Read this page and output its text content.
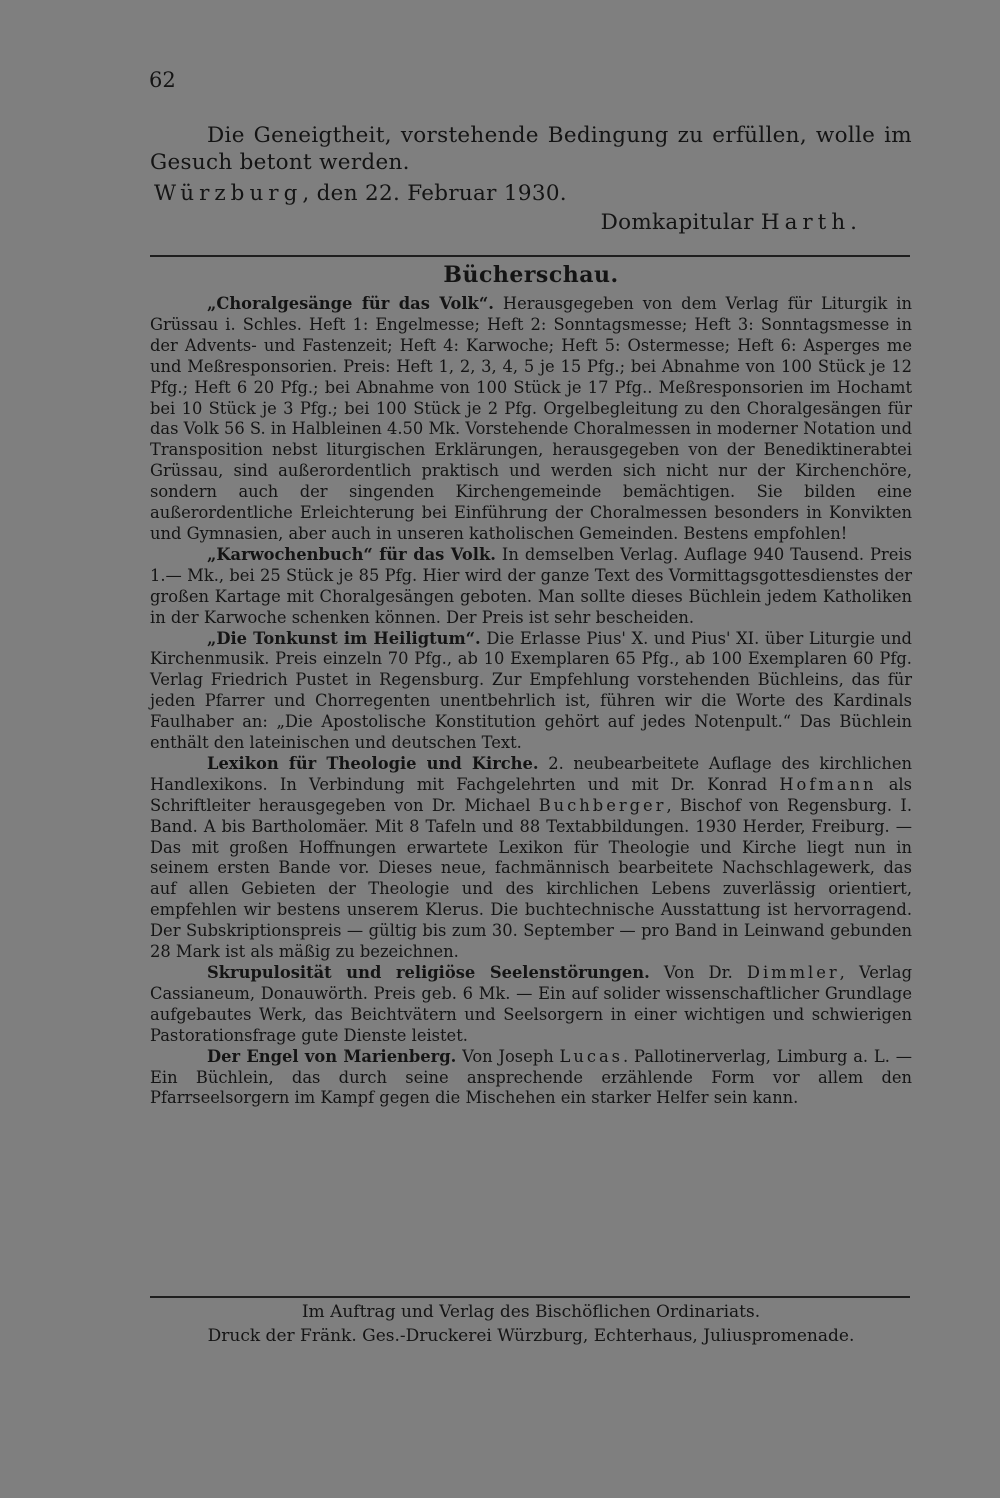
62

Die Geneigtheit, vorstehende Bedingung zu erfüllen, wolle im Gesuch betont werden.

Würzburg, den 22. Februar 1930.
Domkapitular Harth.
Bücherschau.

„Choralgesänge für das Volk“. Herausgegeben von dem Verlag für Liturgik in Grüssau i. Schles. Heft 1: Engelmesse; Heft 2: Sonntagsmesse; Heft 3: Sonntagsmesse in der Advents- und Fastenzeit; Heft 4: Karwoche; Heft 5: Ostermesse; Heft 6: Asperges me und Meßresponsorien. Preis: Heft 1, 2, 3, 4, 5 je 15 Pfg.; bei Abnahme von 100 Stück je 12 Pfg.; Heft 6 20 Pfg.; bei Abnahme von 100 Stück je 17 Pfg.. Meßresponsorien im Hochamt bei 10 Stück je 3 Pfg.; bei 100 Stück je 2 Pfg. Orgelbegleitung zu den Choralgesängen für das Volk 56 S. in Halbleinen 4.50 Mk. Vorstehende Choralmessen in moderner Notation und Transposition nebst liturgischen Erklärungen, herausgegeben von der Benediktinerabtei Grüssau, sind außerordentlich praktisch und werden sich nicht nur der Kirchenchöre, sondern auch der singenden Kirchengemeinde bemächtigen. Sie bilden eine außerordentliche Erleichterung bei Einführung der Choralmessen besonders in Konvikten und Gymnasien, aber auch in unseren katholischen Gemeinden. Bestens empfohlen!

„Karwochenbuch“ für das Volk. In demselben Verlag. Auflage 940 Tausend. Preis 1.— Mk., bei 25 Stück je 85 Pfg. Hier wird der ganze Text des Vormittagsgottesdienstes der großen Kartage mit Choralgesängen geboten. Man sollte dieses Büchlein jedem Katholiken in der Karwoche schenken können. Der Preis ist sehr bescheiden.

„Die Tonkunst im Heiligtum“. Die Erlasse Pius' X. und Pius' XI. über Liturgie und Kirchenmusik. Preis einzeln 70 Pfg., ab 10 Exemplaren 65 Pfg., ab 100 Exemplaren 60 Pfg. Verlag Friedrich Pustet in Regensburg. Zur Empfehlung vorstehenden Büchleins, das für jeden Pfarrer und Chorregenten unentbehrlich ist, führen wir die Worte des Kardinals Faulhaber an: „Die Apostolische Konstitution gehört auf jedes Notenpult.“ Das Büchlein enthält den lateinischen und deutschen Text.

Lexikon für Theologie und Kirche. 2. neubearbeitete Auflage des kirchlichen Handlexikons. In Verbindung mit Fachgelehrten und mit Dr. Konrad Hofmann als Schriftleiter herausgegeben von Dr. Michael Buchberger, Bischof von Regensburg. I. Band. A bis Bartholomäer. Mit 8 Tafeln und 88 Textabbildungen. 1930 Herder, Freiburg. — Das mit großen Hoffnungen erwartete Lexikon für Theologie und Kirche liegt nun in seinem ersten Bande vor. Dieses neue, fachmännisch bearbeitete Nachschlagewerk, das auf allen Gebieten der Theologie und des kirchlichen Lebens zuverlässig orientiert, empfehlen wir bestens unserem Klerus. Die buchtechnische Ausstattung ist hervorragend. Der Subskriptionspreis — gültig bis zum 30. September — pro Band in Leinwand gebunden 28 Mark ist als mäßig zu bezeichnen.

Skrupulosität und religiöse Seelenstörungen. Von Dr. Dimmler, Verlag Cassianeum, Donauwörth. Preis geb. 6 Mk. — Ein auf solider wissenschaftlicher Grundlage aufgebautes Werk, das Beichtvätern und Seelsorgern in einer wichtigen und schwierigen Pastorationsfrage gute Dienste leistet.

Der Engel von Marienberg. Von Joseph Lucas. Pallotinerverlag, Limburg a. L. — Ein Büchlein, das durch seine ansprechende erzählende Form vor allem den Pfarrseelsorgern im Kampf gegen die Mischehen ein starker Helfer sein kann.

Im Auftrag und Verlag des Bischöflichen Ordinariats.
Druck der Fränk. Ges.-Druckerei Würzburg, Echterhaus, Juliuspromenade.
